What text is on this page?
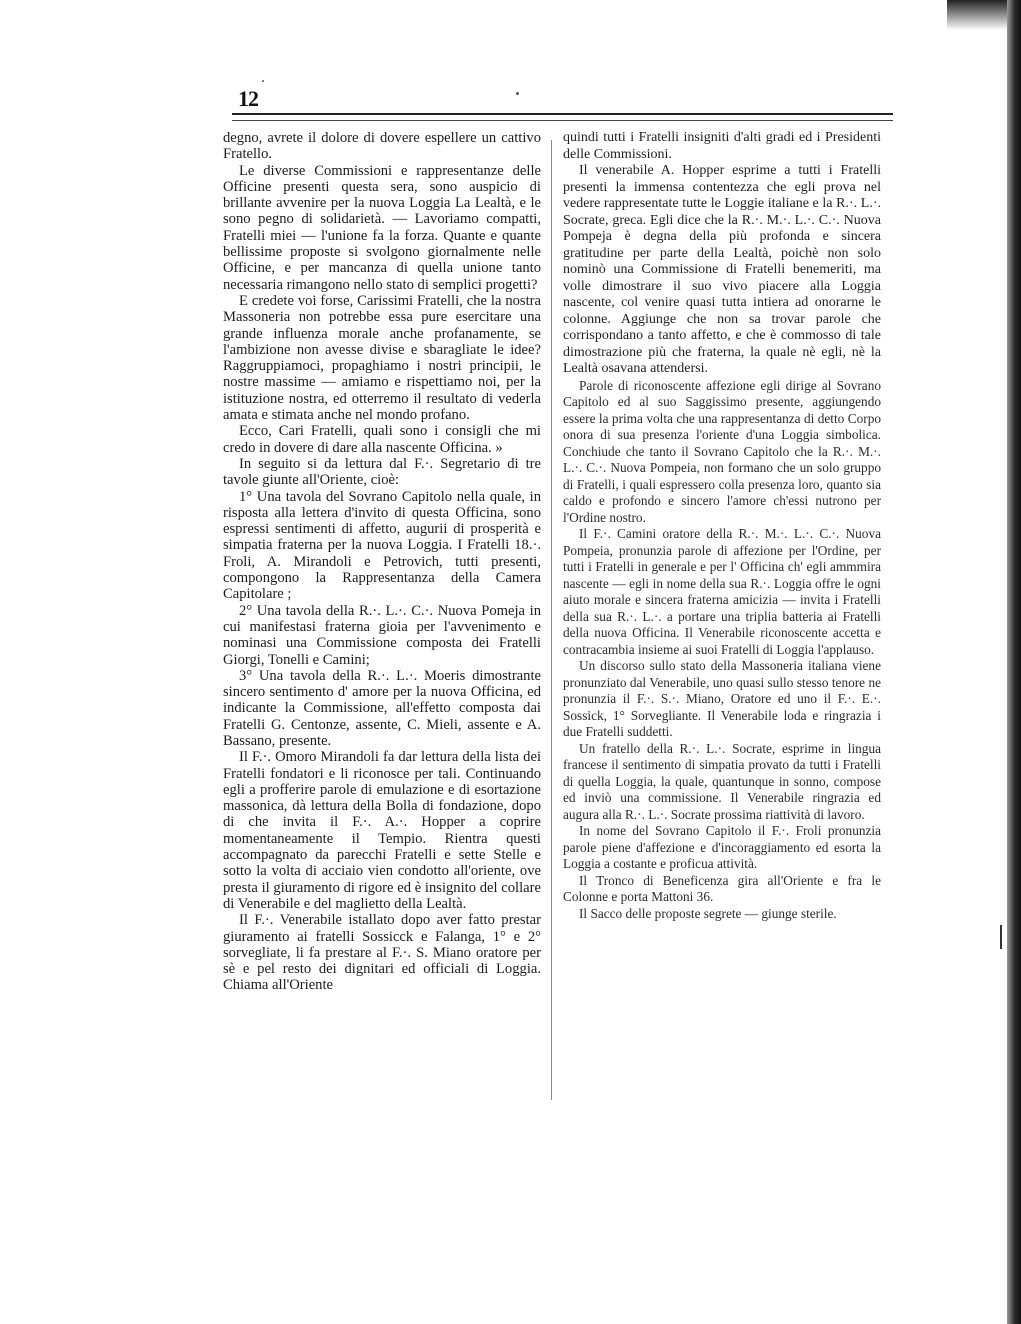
12

degno, avrete il dolore di dovere espellere un cattivo Fratello.

Le diverse Commissioni e rappresentanze delle Officine presenti questa sera, sono auspicio di brillante avvenire per la nuova Loggia La Lealtà, e le sono pegno di solidarietà. — Lavoriamo compatti, Fratelli miei — l'unione fa la forza. Quante e quante bellissime proposte si svolgono giornalmente nelle Officine, e per mancanza di quella unione tanto necessaria rimangono nello stato di semplici progetti?

E credete voi forse, Carissimi Fratelli, che la nostra Massoneria non potrebbe essa pure esercitare una grande influenza morale anche profanamente, se l'ambizione non avesse divise e sbaragliate le idee? Raggruppiamoci, propaghiamo i nostri principii, le nostre massime — amiamo e rispettiamo noi, per la istituzione nostra, ed otterremo il resultato di vederla amata e stimata anche nel mondo profano.

Ecco, Cari Fratelli, quali sono i consigli che mi credo in dovere di dare alla nascente Officina. »

In seguito si da lettura dal F.·. Segretario di tre tavole giunte all'Oriente, cioè:

1° Una tavola del Sovrano Capitolo nella quale, in risposta alla lettera d'invito di questa Officina, sono espressi sentimenti di affetto, augurii di prosperità e simpatia fraterna per la nuova Loggia. I Fratelli 18.·. Froli, A. Mirandoli e Petrovich, tutti presenti, compongono la Rappresentanza della Camera Capitolare ;

2° Una tavola della R.·. L.·. C.·. Nuova Pomeja in cui manifestasi fraterna gioia per l'avvenimento e nominasi una Commissione composta dei Fratelli Giorgi, Tonelli e Camini;

3° Una tavola della R.·. L.·. Moeris dimostrante sincero sentimento d' amore per la nuova Officina, ed indicante la Commissione, all'effetto composta dai Fratelli G. Centonze, assente, C. Mieli, assente e A. Bassano, presente.

Il F.·. Omoro Mirandoli fa dar lettura della lista dei Fratelli fondatori e li riconosce per tali. Continuando egli a profferire parole di emulazione e di esortazione massonica, dà lettura della Bolla di fondazione, dopo di che invita il F.·. A.·. Hopper a coprire momentaneamente il Tempio. Rientra questi accompagnato da parecchi Fratelli e sette Stelle e sotto la volta di acciaio vien condotto all'oriente, ove presta il giuramento di rigore ed è insignito del collare di Venerabile e del maglietto della Lealtà.

Il F.·. Venerabile istallato dopo aver fatto prestar giuramento ai fratelli Sossicck e Falanga, 1° e 2° sorvegliate, li fa prestare al F.·. S. Miano oratore per sè e pel resto dei dignitari ed officiali di Loggia. Chiama all'Oriente

quindi tutti i Fratelli insigniti d'alti gradi ed i Presidenti delle Commissioni.

Il venerabile A. Hopper esprime a tutti i Fratelli presenti la immensa contentezza che egli prova nel vedere rappresentate tutte le Loggie italiane e la R.·. L.·. Socrate, greca. Egli dice che la R.·. M.·. L.·. C.·. Nuova Pompeja è degna della più profonda e sincera gratitudine per parte della Lealtà, poichè non solo nominò una Commissione di Fratelli benemeriti, ma volle dimostrare il suo vivo piacere alla Loggia nascente, col venire quasi tutta intiera ad onorarne le colonne. Aggiunge che non sa trovar parole che corrispondano a tanto affetto, e che è commosso di tale dimostrazione più che fraterna, la quale nè egli, nè la Lealtà osavana attendersi.

Parole di riconoscente affezione egli dirige al Sovrano Capitolo ed al suo Saggissimo presente, aggiungendo essere la prima volta che una rappresentanza di detto Corpo onora di sua presenza l'oriente d'una Loggia simbolica. Conchiude che tanto il Sovrano Capitolo che la R.·. M.·. L.·. C.·. Nuova Pompeia, non formano che un solo gruppo di Fratelli, i quali espressero colla presenza loro, quanto sia caldo e profondo e sincero l'amore ch'essi nutrono per l'Ordine nostro.

Il F.·. Camini oratore della R.·. M.·. L.·. C.·. Nuova Pompeia, pronunzia parole di affezione per l'Ordine, per tutti i Fratelli in generale e per l' Officina ch' egli ammmira nascente — egli in nome della sua R.·. Loggia offre le ogni aiuto morale e sincera fraterna amicizia — invita i Fratelli della sua R.·. L.·. a portare una triplia batteria ai Fratelli della nuova Officina. Il Venerabile riconoscente accetta e contracambia insieme ai suoi Fratelli di Loggia l'applauso.

Un discorso sullo stato della Massoneria italiana viene pronunziato dal Venerabile, uno quasi sullo stesso tenore ne pronunzia il F.·. S.·. Miano, Oratore ed uno il F.·. E.·. Sossick, 1° Sorvegliante. Il Venerabile loda e ringrazia i due Fratelli suddetti.

Un fratello della R.·. L.·. Socrate, esprime in lingua francese il sentimento di simpatia provato da tutti i Fratelli di quella Loggia, la quale, quantunque in sonno, compose ed inviò una commissione. Il Venerabile ringrazia ed augura alla R.·. L.·. Socrate prossima riattività di lavoro.

In nome del Sovrano Capitolo il F.·. Froli pronunzia parole piene d'affezione e d'incoraggiamento ed esorta la Loggia a costante e proficua attività.

Il Tronco di Beneficenza gira all'Oriente e fra le Colonne e porta Mattoni 36.

Il Sacco delle proposte segrete — giunge sterile.
